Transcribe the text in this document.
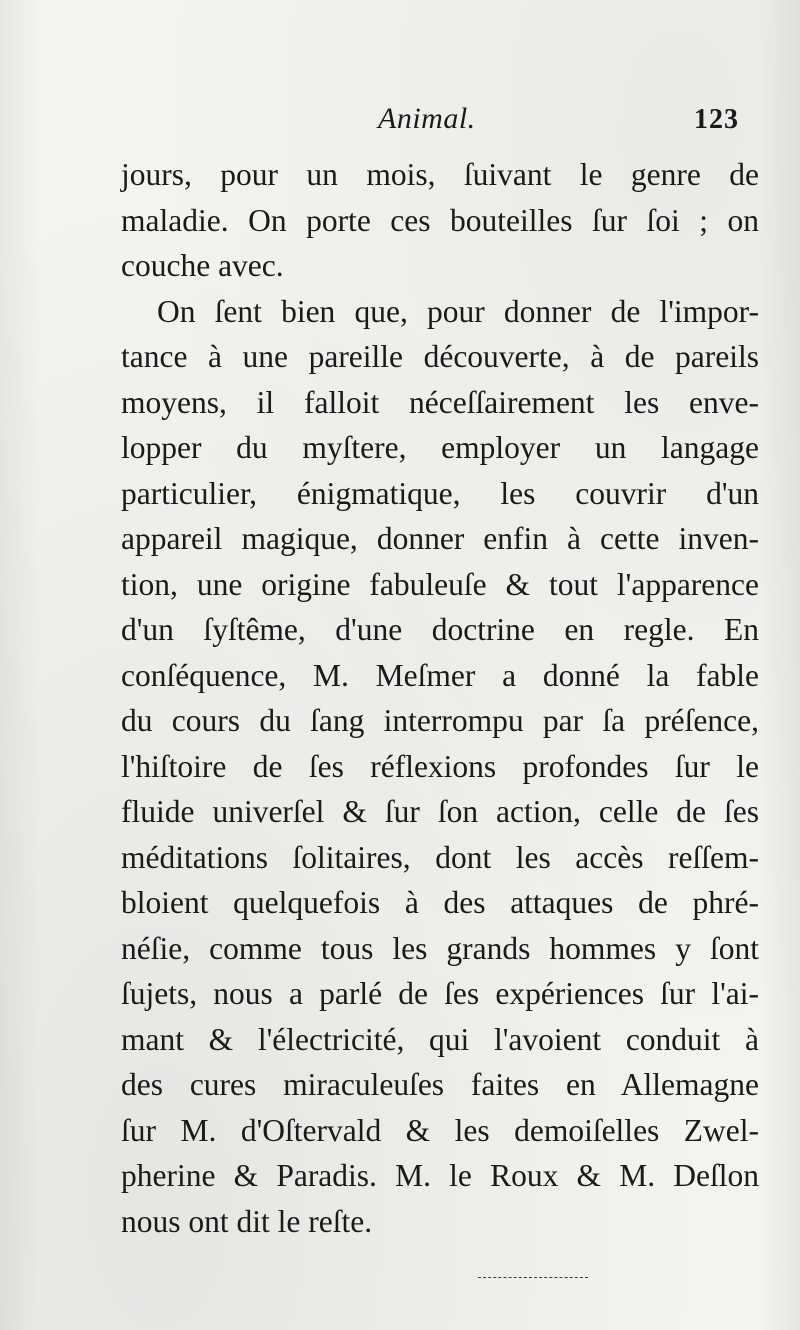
Animal.	123
jours, pour un mois, ſuivant le genre de
maladie. On porte ces bouteilles ſur ſoi ; on
couche avec.
On ſent bien que, pour donner de l'impor-
tance à une pareille découverte, à de pareils
moyens, il falloit néceſſairement les enve-
lopper du myſtere, employer un langage
particulier, énigmatique, les couvrir d'un
appareil magique, donner enfin à cette inven-
tion, une origine fabuleuſe & tout l'apparence
d'un ſyſtême, d'une doctrine en regle. En
conſéquence, M. Meſmer a donné la fable
du cours du ſang interrompu par ſa préſence,
l'hiſtoire de ſes réflexions profondes ſur le
fluide univerſel & ſur ſon action, celle de ſes
méditations ſolitaires, dont les accès reſſem-
bloient quelquefois à des attaques de phré-
néſie, comme tous les grands hommes y ſont
ſujets, nous a parlé de ſes expériences ſur l'ai-
mant & l'électricité, qui l'avoient conduit à
des cures miraculeuſes faites en Allemagne
ſur M. d'Oſtervald & les demoiſelles Zwel-
pherine & Paradis. M. le Roux & M. Deſlon
nous ont dit le reſte.
